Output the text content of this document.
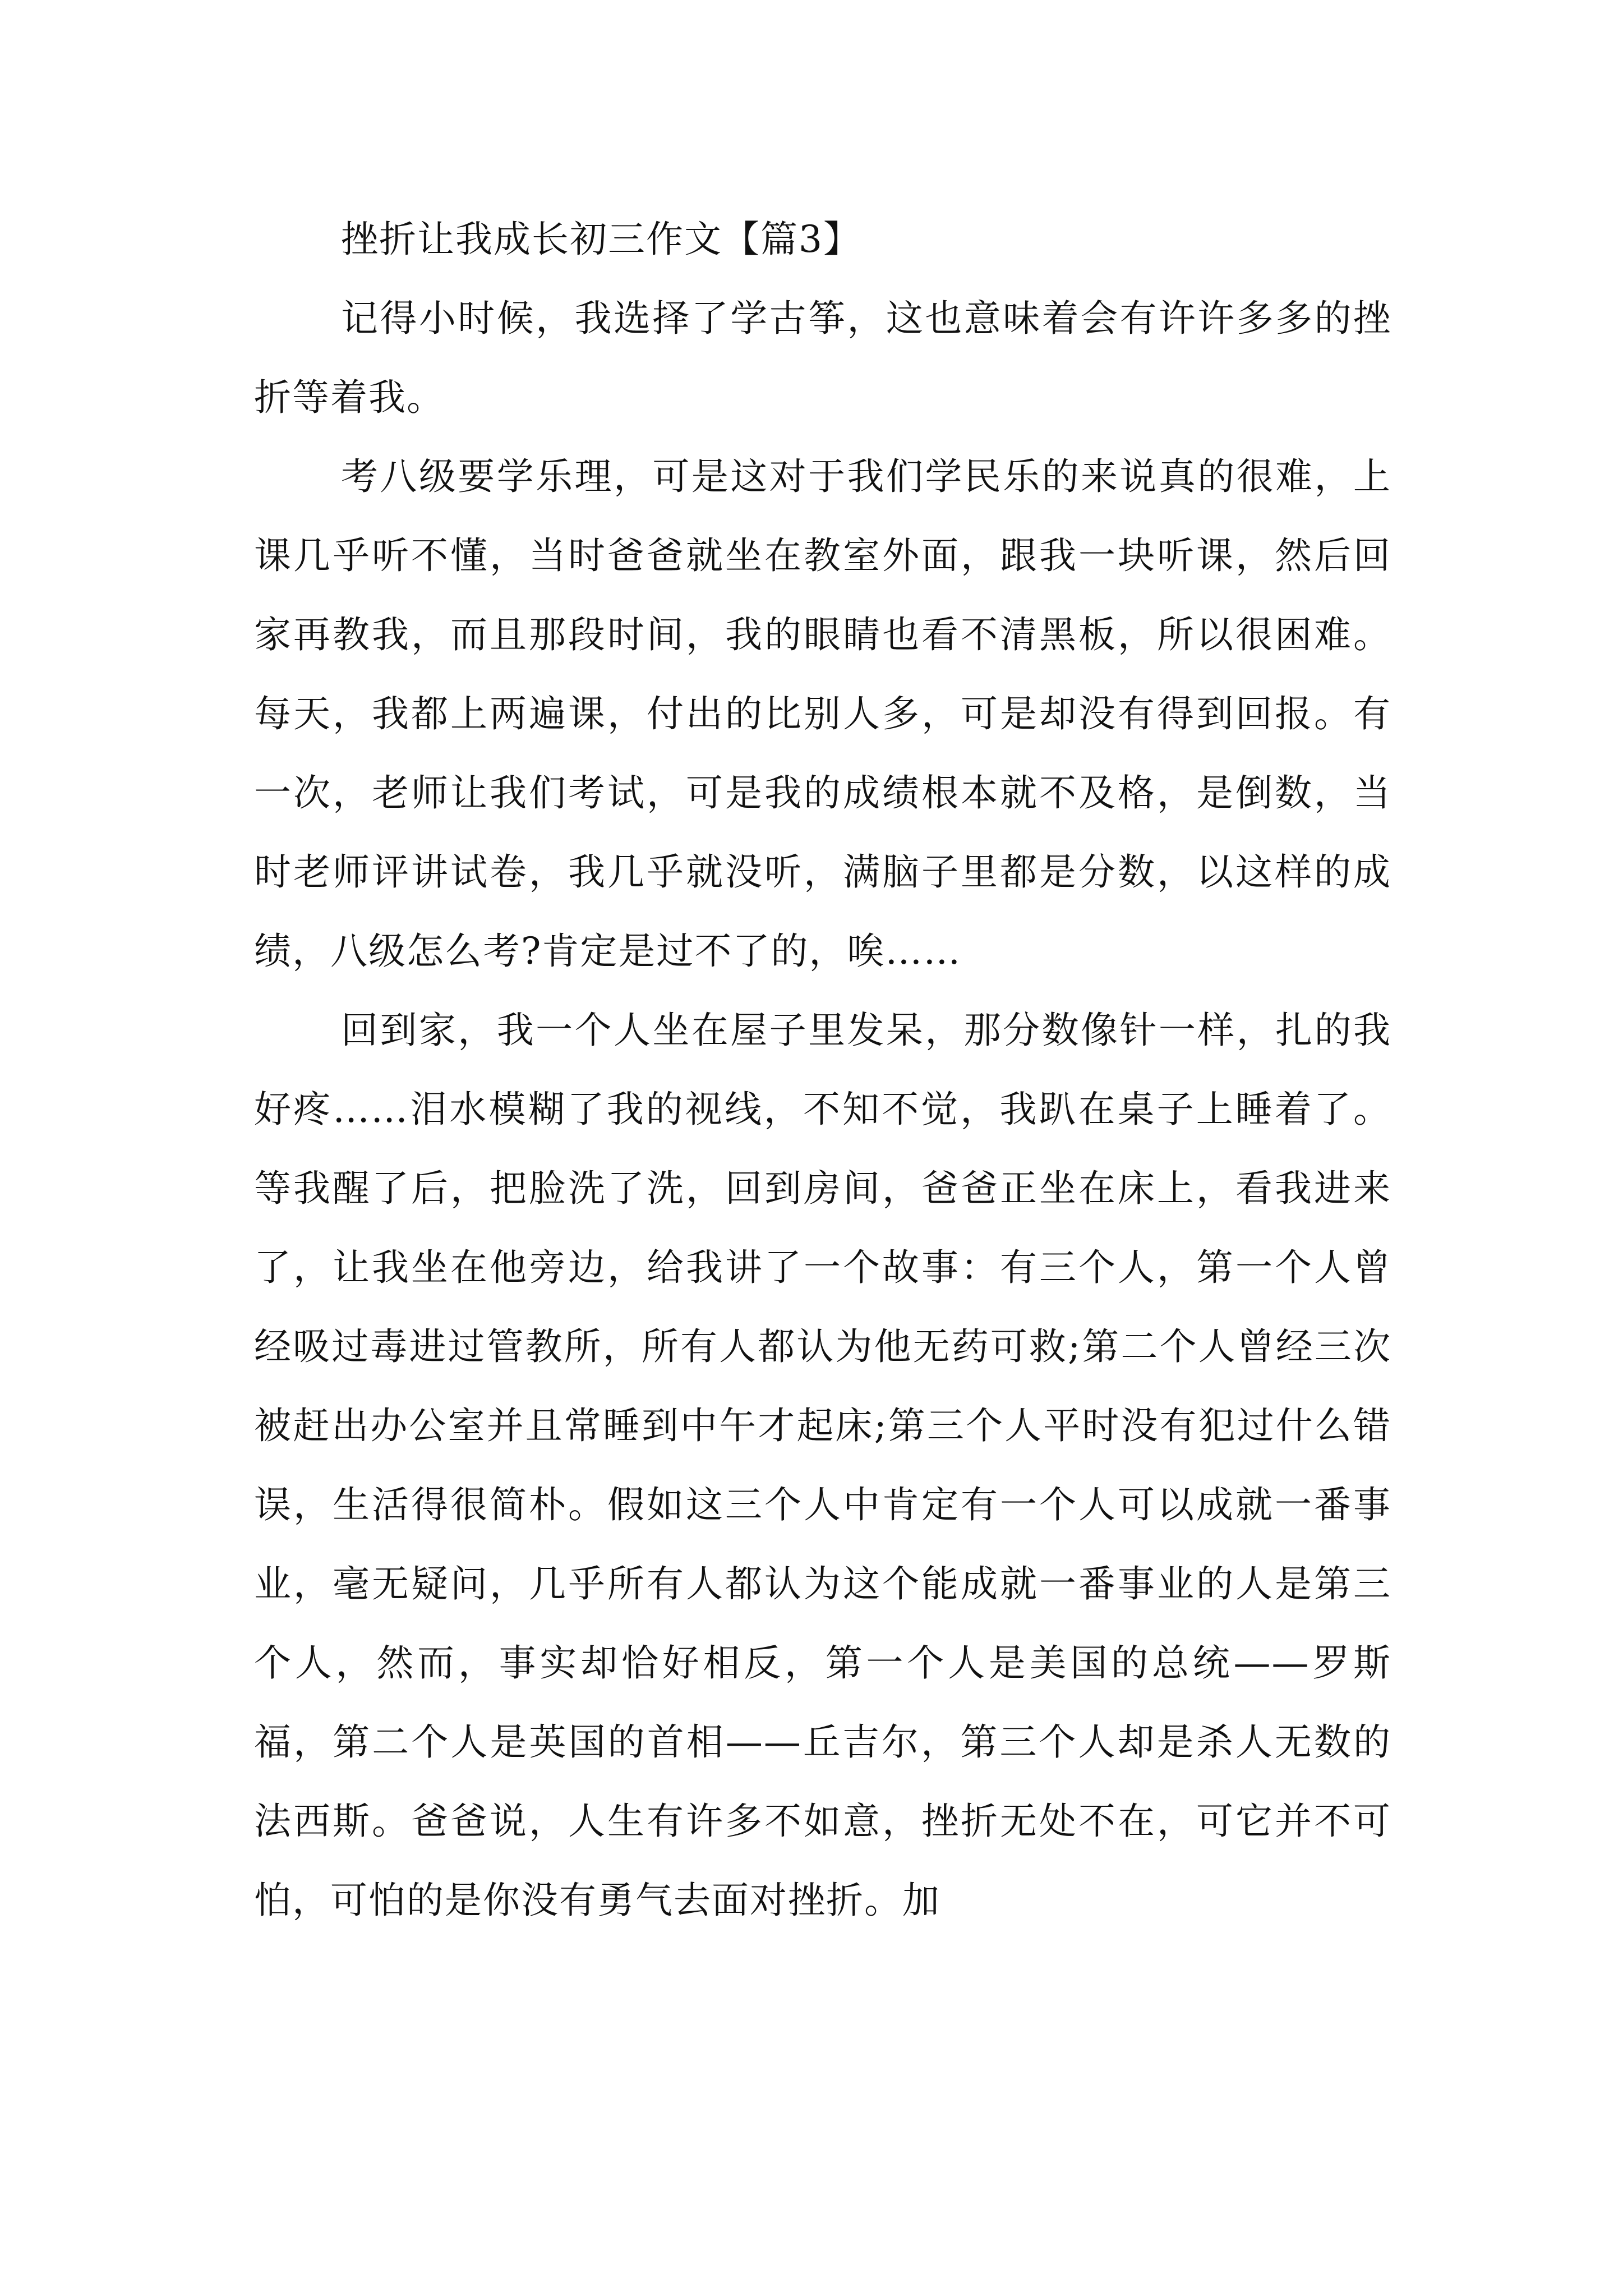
挫折让我成长初三作文【篇3】

记得小时候，我选择了学古筝，这也意味着会有许许多多的挫折等着我。

考八级要学乐理，可是这对于我们学民乐的来说真的很难，上课几乎听不懂，当时爸爸就坐在教室外面，跟我一块听课，然后回家再教我，而且那段时间，我的眼睛也看不清黑板，所以很困难。每天，我都上两遍课，付出的比别人多，可是却没有得到回报。有一次，老师让我们考试，可是我的成绩根本就不及格，是倒数，当时老师评讲试卷，我几乎就没听，满脑子里都是分数，以这样的成绩，八级怎么考?肯定是过不了的，唉……

回到家，我一个人坐在屋子里发呆，那分数像针一样，扎的我好疼……泪水模糊了我的视线，不知不觉，我趴在桌子上睡着了。等我醒了后，把脸洗了洗，回到房间，爸爸正坐在床上，看我进来了，让我坐在他旁边，给我讲了一个故事：有三个人，第一个人曾经吸过毒进过管教所，所有人都认为他无药可救;第二个人曾经三次被赶出办公室并且常睡到中午才起床;第三个人平时没有犯过什么错误，生活得很简朴。假如这三个人中肯定有一个人可以成就一番事业，毫无疑问，几乎所有人都认为这个能成就一番事业的人是第三个人，然而，事实却恰好相反，第一个人是美国的总统——罗斯福，第二个人是英国的首相——丘吉尔，第三个人却是杀人无数的法西斯。爸爸说，人生有许多不如意，挫折无处不在，可它并不可怕，可怕的是你没有勇气去面对挫折。加
